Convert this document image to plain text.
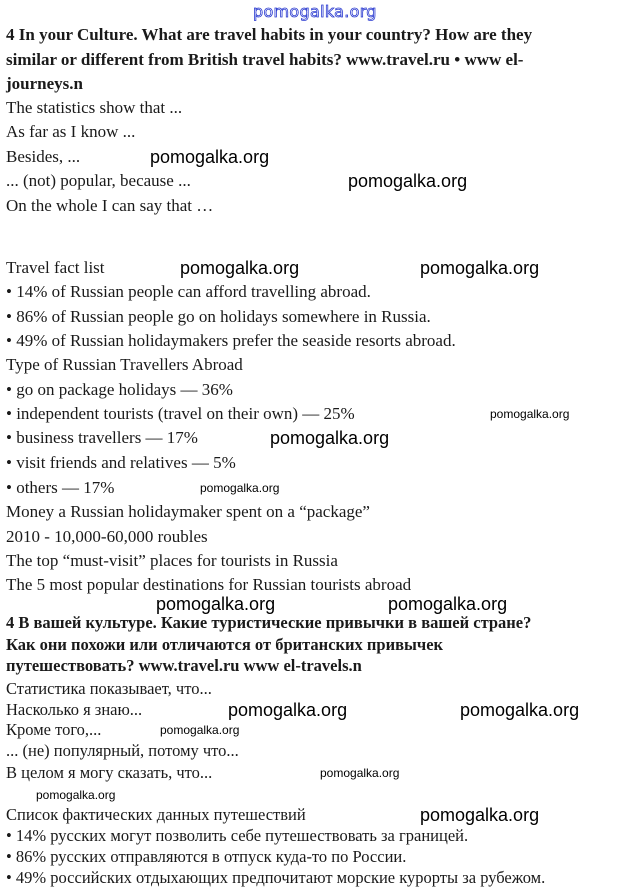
pomogalka.org
4 In your Culture. What are travel habits in your country? How are they
similar or different from British travel habits? www.travel.ru • www el-
journeys.n
The statistics show that ...
As far as I know ...
Besides, ...
... (not) popular, because ...
On the whole I can say that …
Travel fact list
• 14% of Russian people can afford travelling abroad.
• 86% of Russian people go on holidays somewhere in Russia.
• 49% of Russian holidaymakers prefer the seaside resorts abroad.
Type of Russian Travellers Abroad
• go on package holidays — 36%
• independent tourists (travel on their own) — 25%
• business travellers — 17%
• visit friends and relatives — 5%
• others — 17%
Money a Russian holidaymaker spent on a “package”
2010 - 10,000-60,000 roubles
The top “must-visit” places for tourists in Russia
The 5 most popular destinations for Russian tourists abroad
4 В вашей культуре. Какие туристические привычки в вашей стране?
Как они похожи или отличаются от британских привычек
путешествовать? www.travel.ru www el-travels.n
Статистика показывает, что...
Насколько я знаю...
Кроме того,...
... (не) популярный, потому что...
В целом я могу сказать, что...
Список фактических данных путешествий
• 14% русских могут позволить себе путешествовать за границей.
• 86% русских отправляются в отпуск куда-то по России.
• 49% российских отдыхающих предпочитают морские курорты за рубежом.
pomogalka.org
pomogalka.org
pomogalka.org	pomogalka.org
pomogalka.org
pomogalka.org
pomogalka.org
pomogalka.org	pomogalka.org
pomogalka.org
pomogalka.org	pomogalka.org
pomogalka.org
pomogalka.org
pomogalka.org
